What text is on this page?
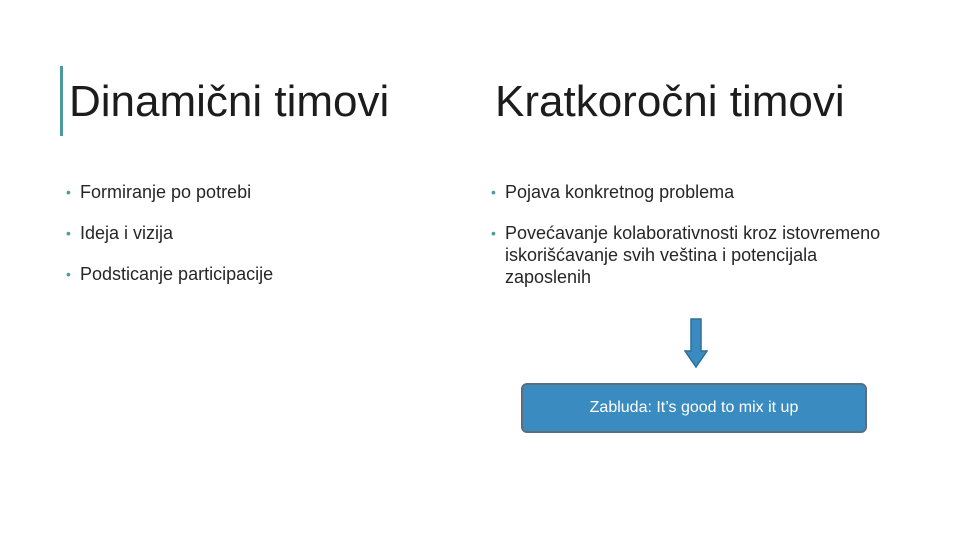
Dinamični timovi Kratkoročni timovi
• Formiranje po potrebi
• Ideja i vizija
• Podsticanje participacije
• Pojava konkretnog problema
• Povećavanje kolaborativnosti kroz istovremeno iskorišćavanje svih veština i potencijala zaposlenih
Zabluda: It’s good to mix it up
